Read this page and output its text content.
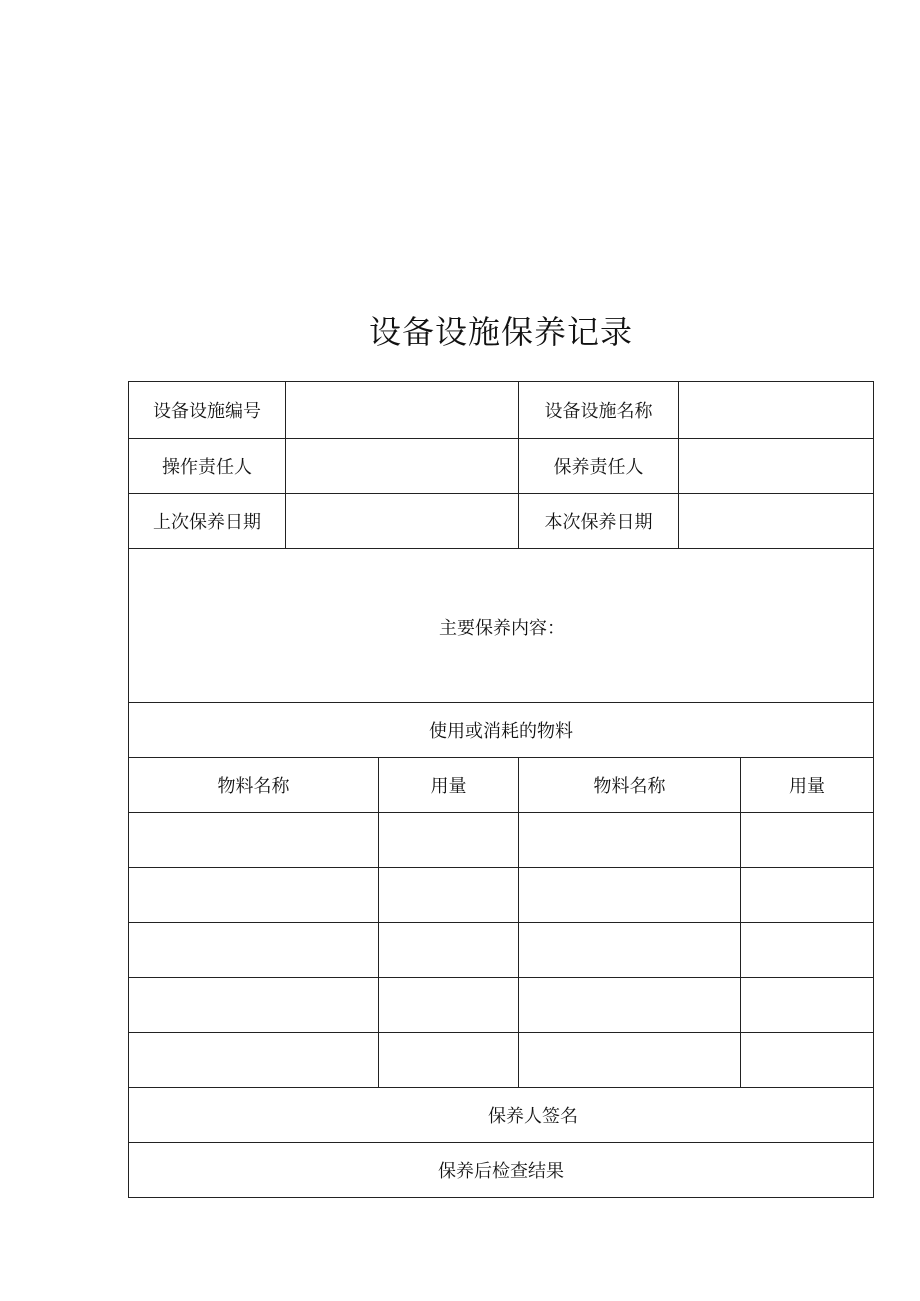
设备设施保养记录
设备设施编号			设备设施名称		
操作责任人			保养责任人		
上次保养日期			本次保养日期		

主要保养内容：					

使用或消耗的物料					
物料名称		用量	物料名称		用量

保养人签名					
保养后检查结果					
